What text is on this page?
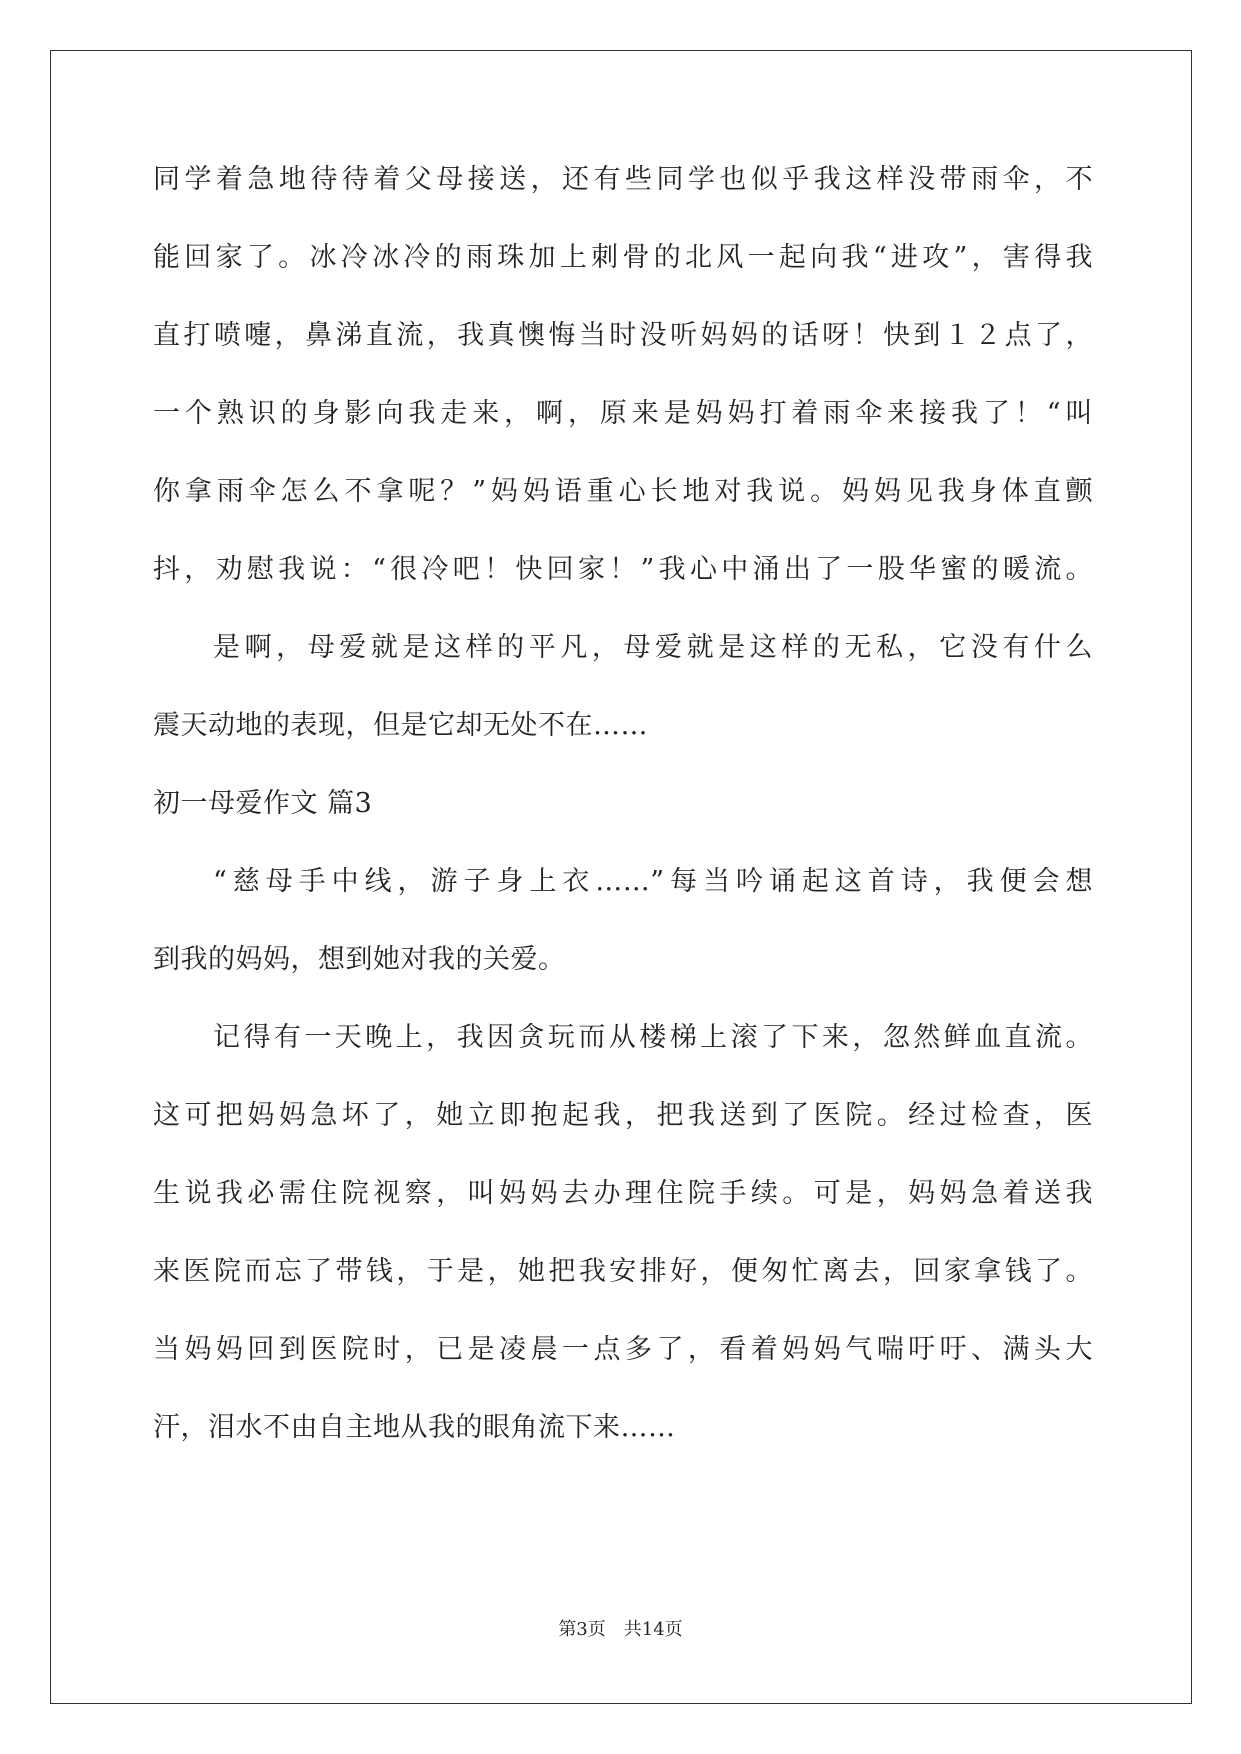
同学着急地待待着父母接送，还有些同学也似乎我这样没带雨伞，不
能回家了。冰冷冰冷的雨珠加上刺骨的北风一起向我“进攻”，害得我
直打喷嚏，鼻涕直流，我真懊悔当时没听妈妈的话呀！快到１２点了，
一个熟识的身影向我走来，啊，原来是妈妈打着雨伞来接我了！“叫
你拿雨伞怎么不拿呢？”妈妈语重心长地对我说。妈妈见我身体直颤
抖，劝慰我说：“很冷吧！快回家！”我心中涌出了一股华蜜的暖流。
是啊，母爱就是这样的平凡，母爱就是这样的无私，它没有什么
震天动地的表现，但是它却无处不在……
初一母爱作文 篇3
“慈母手中线，游子身上衣……”每当吟诵起这首诗，我便会想
到我的妈妈，想到她对我的关爱。
记得有一天晚上，我因贪玩而从楼梯上滚了下来，忽然鲜血直流。
这可把妈妈急坏了，她立即抱起我，把我送到了医院。经过检查，医
生说我必需住院视察，叫妈妈去办理住院手续。可是，妈妈急着送我
来医院而忘了带钱，于是，她把我安排好，便匆忙离去，回家拿钱了。
当妈妈回到医院时，已是凌晨一点多了，看着妈妈气喘吁吁、满头大
汗，泪水不由自主地从我的眼角流下来……
第3页　共14页
